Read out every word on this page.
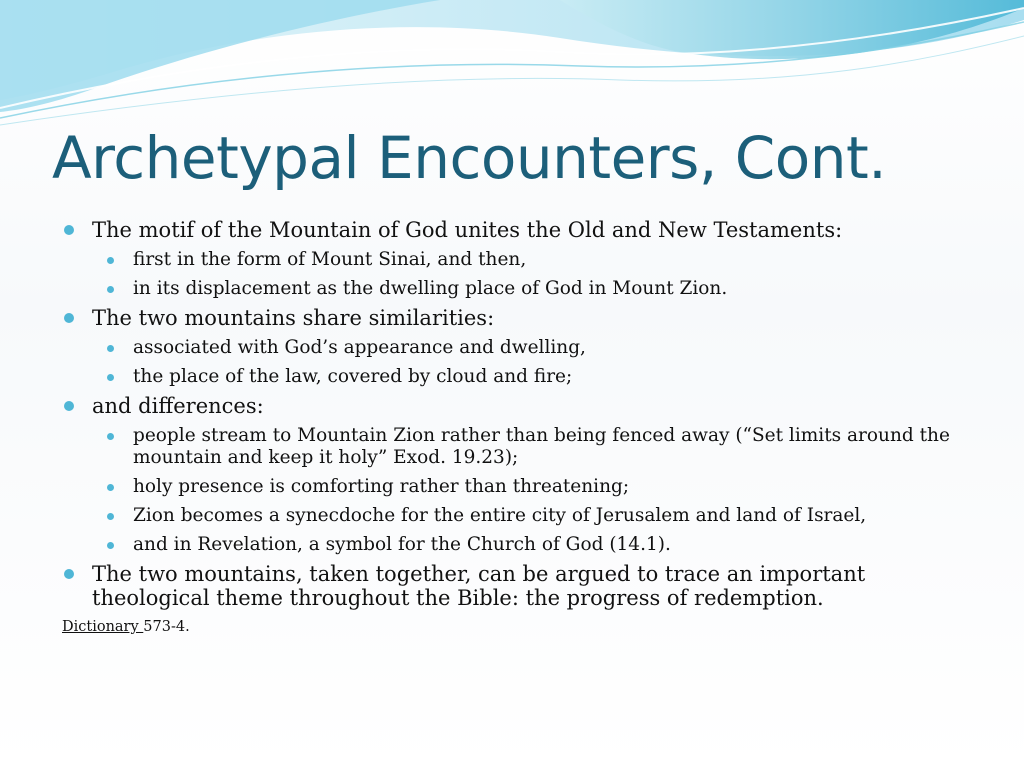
Archetypal Encounters, Cont.

The motif of the Mountain of God unites the Old and New Testaments:

first in the form of Mount Sinai, and then,

in its displacement as the dwelling place of God in Mount Zion.

The two mountains share similarities:

associated with God’s appearance and dwelling,

the place of the law, covered by cloud and fire;

and differences:

people stream to Mountain Zion rather than being fenced away (“Set limits around the mountain and keep it holy” Exod. 19.23);

holy presence is comforting rather than threatening;

Zion becomes a synecdoche for the entire city of Jerusalem and land of Israel,

and in Revelation, a symbol for the Church of God (14.1).

The two mountains, taken together, can be argued to trace an important theological theme throughout the Bible: the progress of redemption.

Dictionary 573-4.
